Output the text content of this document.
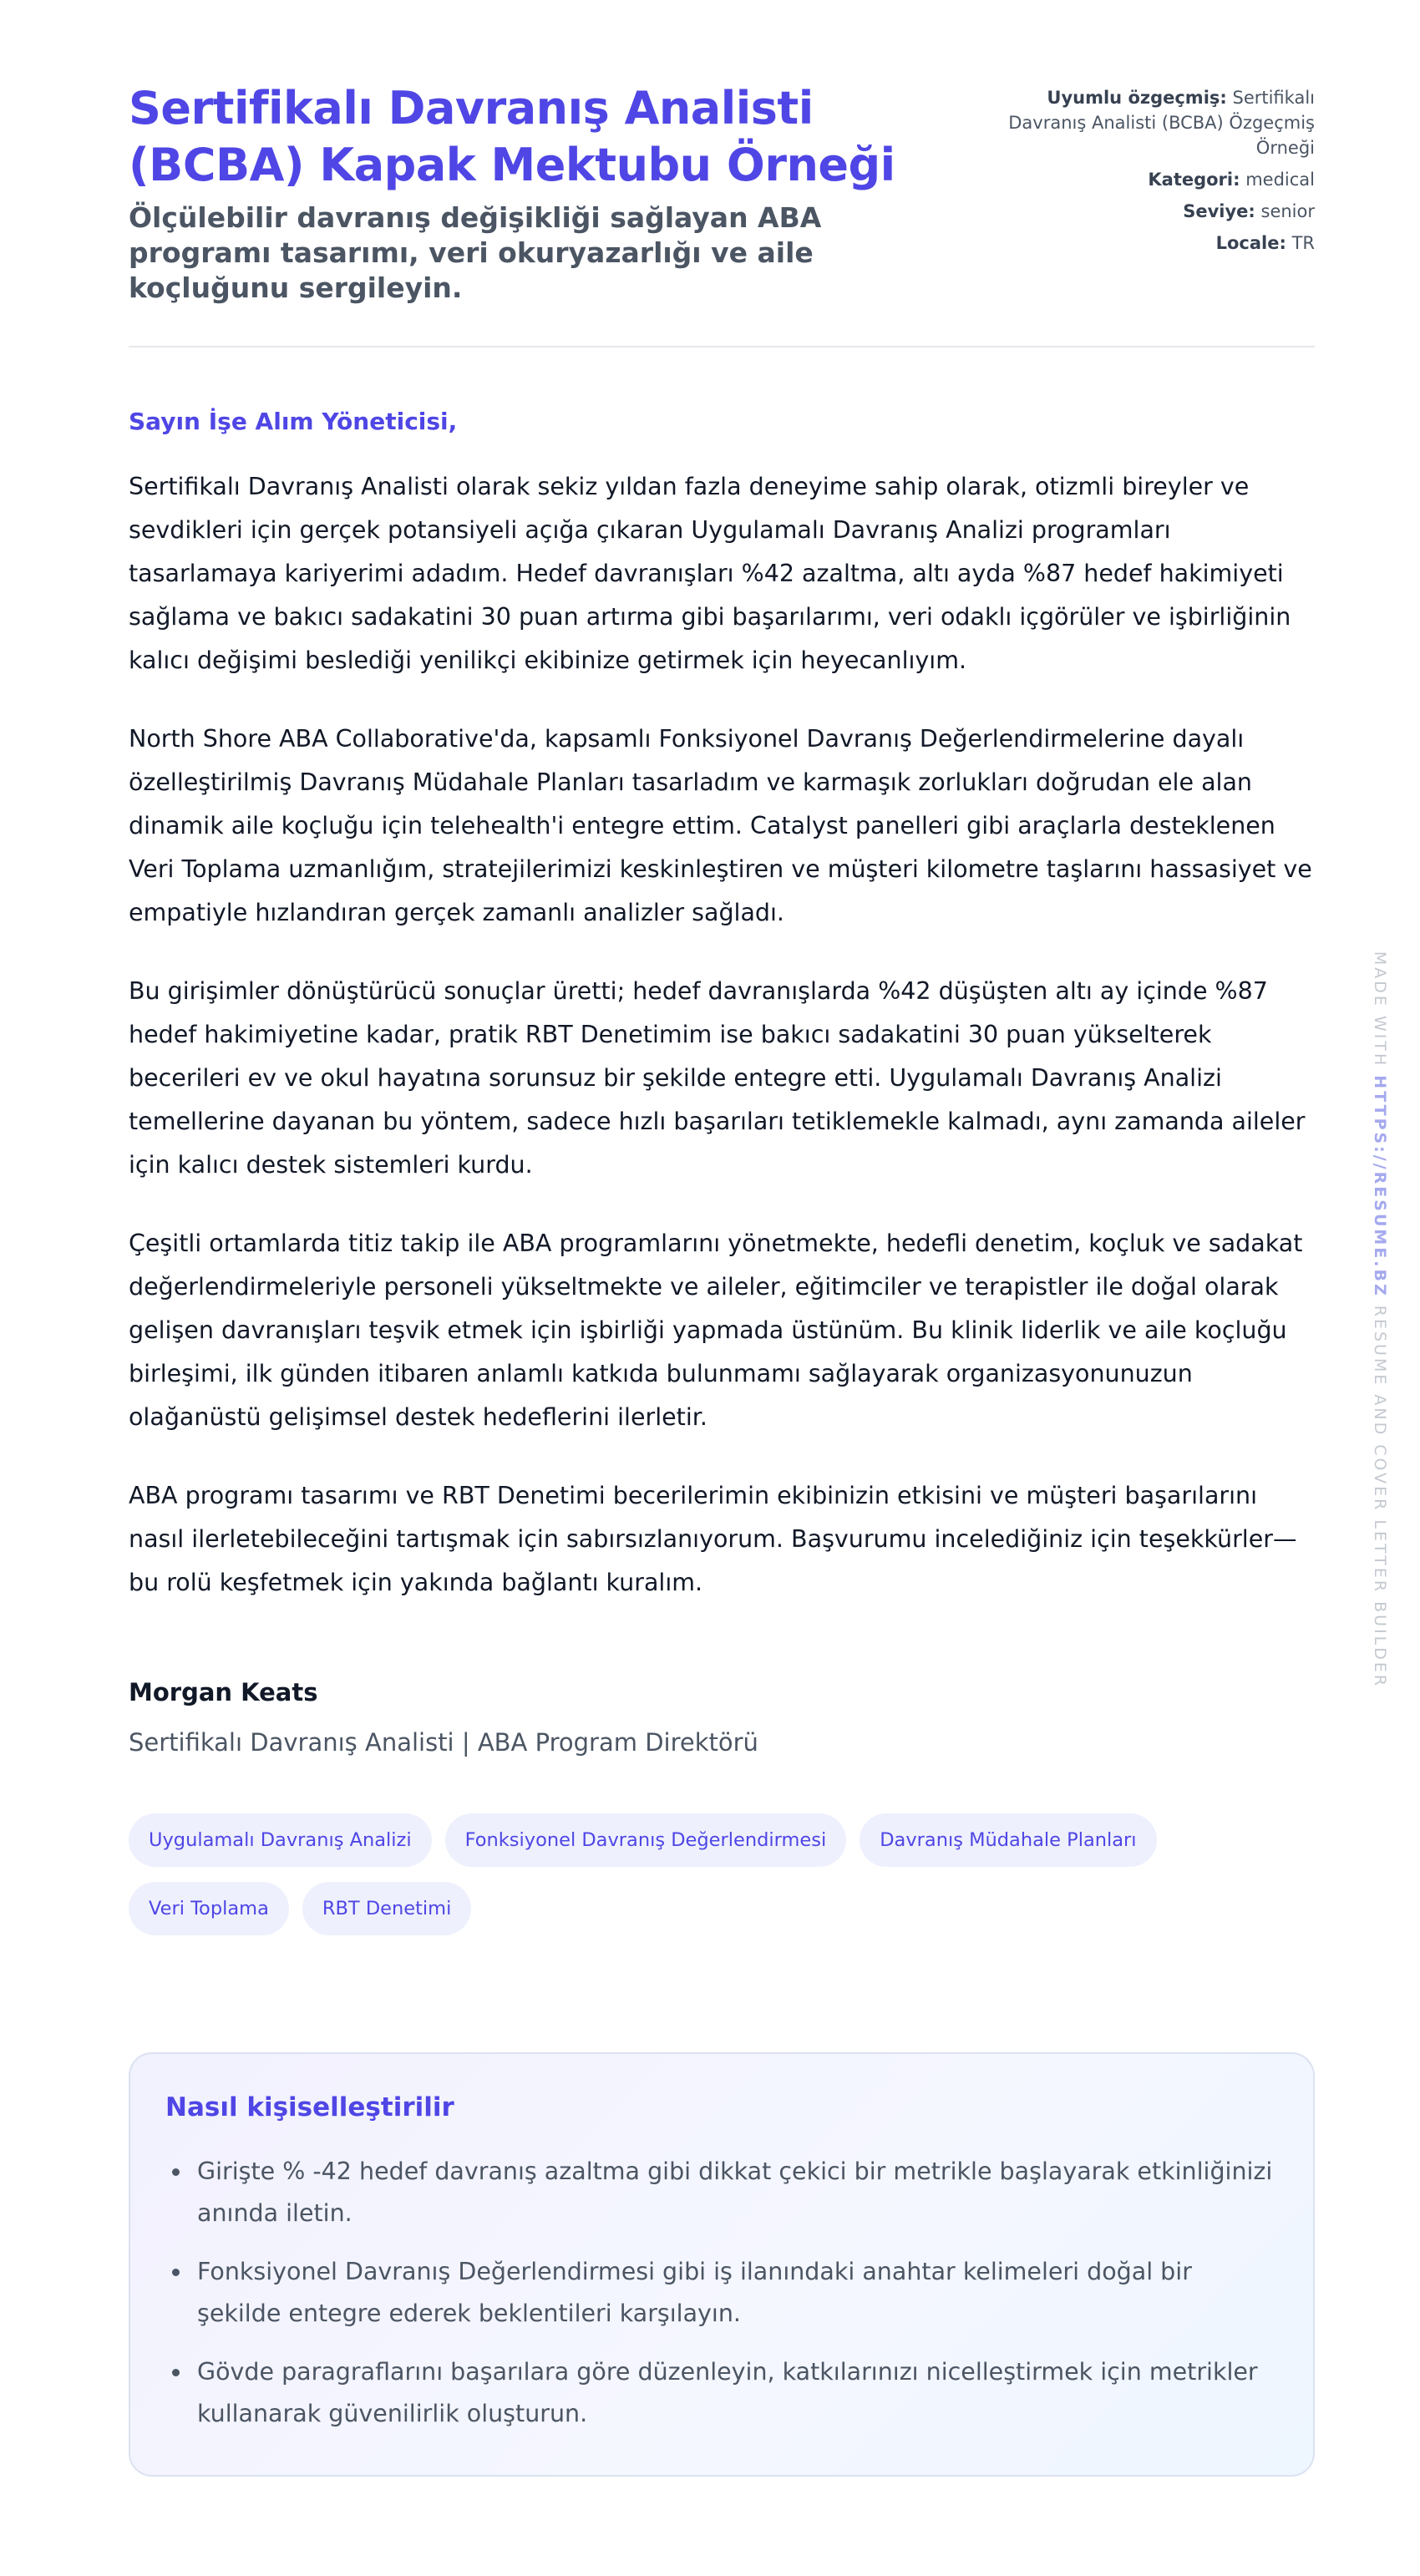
Sertifikalı Davranış Analisti (BCBA) Kapak Mektubu Örneği
Ölçülebilir davranış değişikliği sağlayan ABA programı tasarımı, veri okuryazarlığı ve aile koçluğunu sergileyin.
Uyumlu özgeçmiş: Sertifikalı Davranış Analisti (BCBA) Özgeçmiş Örneği
Kategori: medical
Seviye: senior
Locale: TR
Sayın İşe Alım Yöneticisi,

Sertifikalı Davranış Analisti olarak sekiz yıldan fazla deneyime sahip olarak, otizmli bireyler ve sevdikleri için gerçek potansiyeli açığa çıkaran Uygulamalı Davranış Analizi programları tasarlamaya kariyerimi adadım. Hedef davranışları %42 azaltma, altı ayda %87 hedef hakimiyeti sağlama ve bakıcı sadakatini 30 puan artırma gibi başarılarımı, veri odaklı içgörüler ve işbirliğinin kalıcı değişimi beslediği yenilikçi ekibinize getirmek için heyecanlıyım.

North Shore ABA Collaborative'da, kapsamlı Fonksiyonel Davranış Değerlendirmelerine dayalı özelleştirilmiş Davranış Müdahale Planları tasarladım ve karmaşık zorlukları doğrudan ele alan dinamik aile koçluğu için telehealth'i entegre ettim. Catalyst panelleri gibi araçlarla desteklenen Veri Toplama uzmanlığım, stratejilerimizi keskinleştiren ve müşteri kilometre taşlarını hassasiyet ve empatiyle hızlandıran gerçek zamanlı analizler sağladı.

Bu girişimler dönüştürücü sonuçlar üretti; hedef davranışlarda %42 düşüşten altı ay içinde %87 hedef hakimiyetine kadar, pratik RBT Denetimim ise bakıcı sadakatini 30 puan yükselterek becerileri ev ve okul hayatına sorunsuz bir şekilde entegre etti. Uygulamalı Davranış Analizi temellerine dayanan bu yöntem, sadece hızlı başarıları tetiklemekle kalmadı, aynı zamanda aileler için kalıcı destek sistemleri kurdu.

Çeşitli ortamlarda titiz takip ile ABA programlarını yönetmekte, hedefli denetim, koçluk ve sadakat değerlendirmeleriyle personeli yükseltmekte ve aileler, eğitimciler ve terapistler ile doğal olarak gelişen davranışları teşvik etmek için işbirliği yapmada üstünüm. Bu klinik liderlik ve aile koçluğu birleşimi, ilk günden itibaren anlamlı katkıda bulunmamı sağlayarak organizasyonunuzun olağanüstü gelişimsel destek hedeflerini ilerletir.

ABA programı tasarımı ve RBT Denetimi becerilerimin ekibinizin etkisini ve müşteri başarılarını nasıl ilerletebileceğini tartışmak için sabırsızlanıyorum. Başvurumu incelediğiniz için teşekkürler—bu rolü keşfetmek için yakında bağlantı kuralım.

Morgan Keats
Sertifikalı Davranış Analisti | ABA Program Direktörü
Uygulamalı Davranış Analizi	Fonksiyonel Davranış Değerlendirmesi	Davranış Müdahale Planları
Veri Toplama	RBT Denetimi
Nasıl kişiselleştirilir
Girişte % -42 hedef davranış azaltma gibi dikkat çekici bir metrikle başlayarak etkinliğinizi anında iletin.
Fonksiyonel Davranış Değerlendirmesi gibi iş ilanındaki anahtar kelimeleri doğal bir şekilde entegre ederek beklentileri karşılayın.
Gövde paragraflarını başarılara göre düzenleyin, katkılarınızı nicelleştirmek için metrikler kullanarak güvenilirlik oluşturun.
MADE WITH HTTPS://RESUME.BZ RESUME AND COVER LETTER BUILDER
